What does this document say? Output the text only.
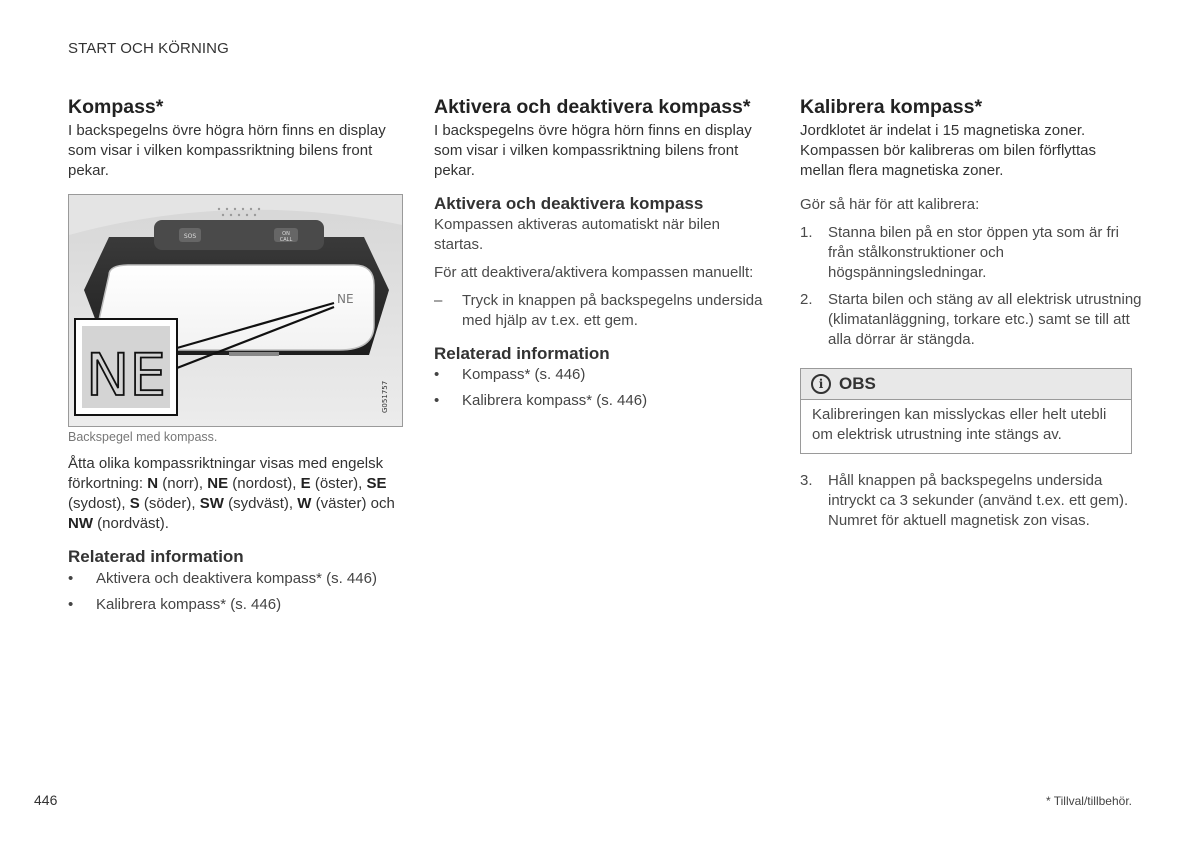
START OCH KÖRNING
Kompass*

I backspegelns övre högra hörn finns en display som visar i vilken kompassriktning bilens front pekar.

SOS	ON
CALL
NE
NE	G051757
Backspegel med kompass.

Åtta olika kompassriktningar visas med engelsk förkortning: N (norr), NE (nordost), E (öster), SE (sydost), S (söder), SW (sydväst), W (väster) och NW (nordväst).

Relaterad information
• Aktivera och deaktivera kompass* (s. 446)
• Kalibrera kompass* (s. 446)
Aktivera och deaktivera kompass*

I backspegelns övre högra hörn finns en display som visar i vilken kompassriktning bilens front pekar.

Aktivera och deaktivera kompass

Kompassen aktiveras automatiskt när bilen startas.

För att deaktivera/aktivera kompassen manuellt:

– Tryck in knappen på backspegelns undersida med hjälp av t.ex. ett gem.
Relaterad information
• Kompass* (s. 446)
• Kalibrera kompass* (s. 446)
Kalibrera kompass*

Jordklotet är indelat i 15 magnetiska zoner. Kompassen bör kalibreras om bilen förflyttas mellan flera magnetiska zoner.

Gör så här för att kalibrera:

1. Stanna bilen på en stor öppen yta som är fri från stålkonstruktioner och högspänningsledningar.
2. Starta bilen och stäng av all elektrisk utrustning (klimatanläggning, torkare etc.) samt se till att alla dörrar är stängda.
i OBS
Kalibreringen kan misslyckas eller helt utebli om elektrisk utrustning inte stängs av.
3. Håll knappen på backspegelns undersida intryckt ca 3 sekunder (använd t.ex. ett gem). Numret för aktuell magnetisk zon visas.
446	* Tillval/tillbehör.
